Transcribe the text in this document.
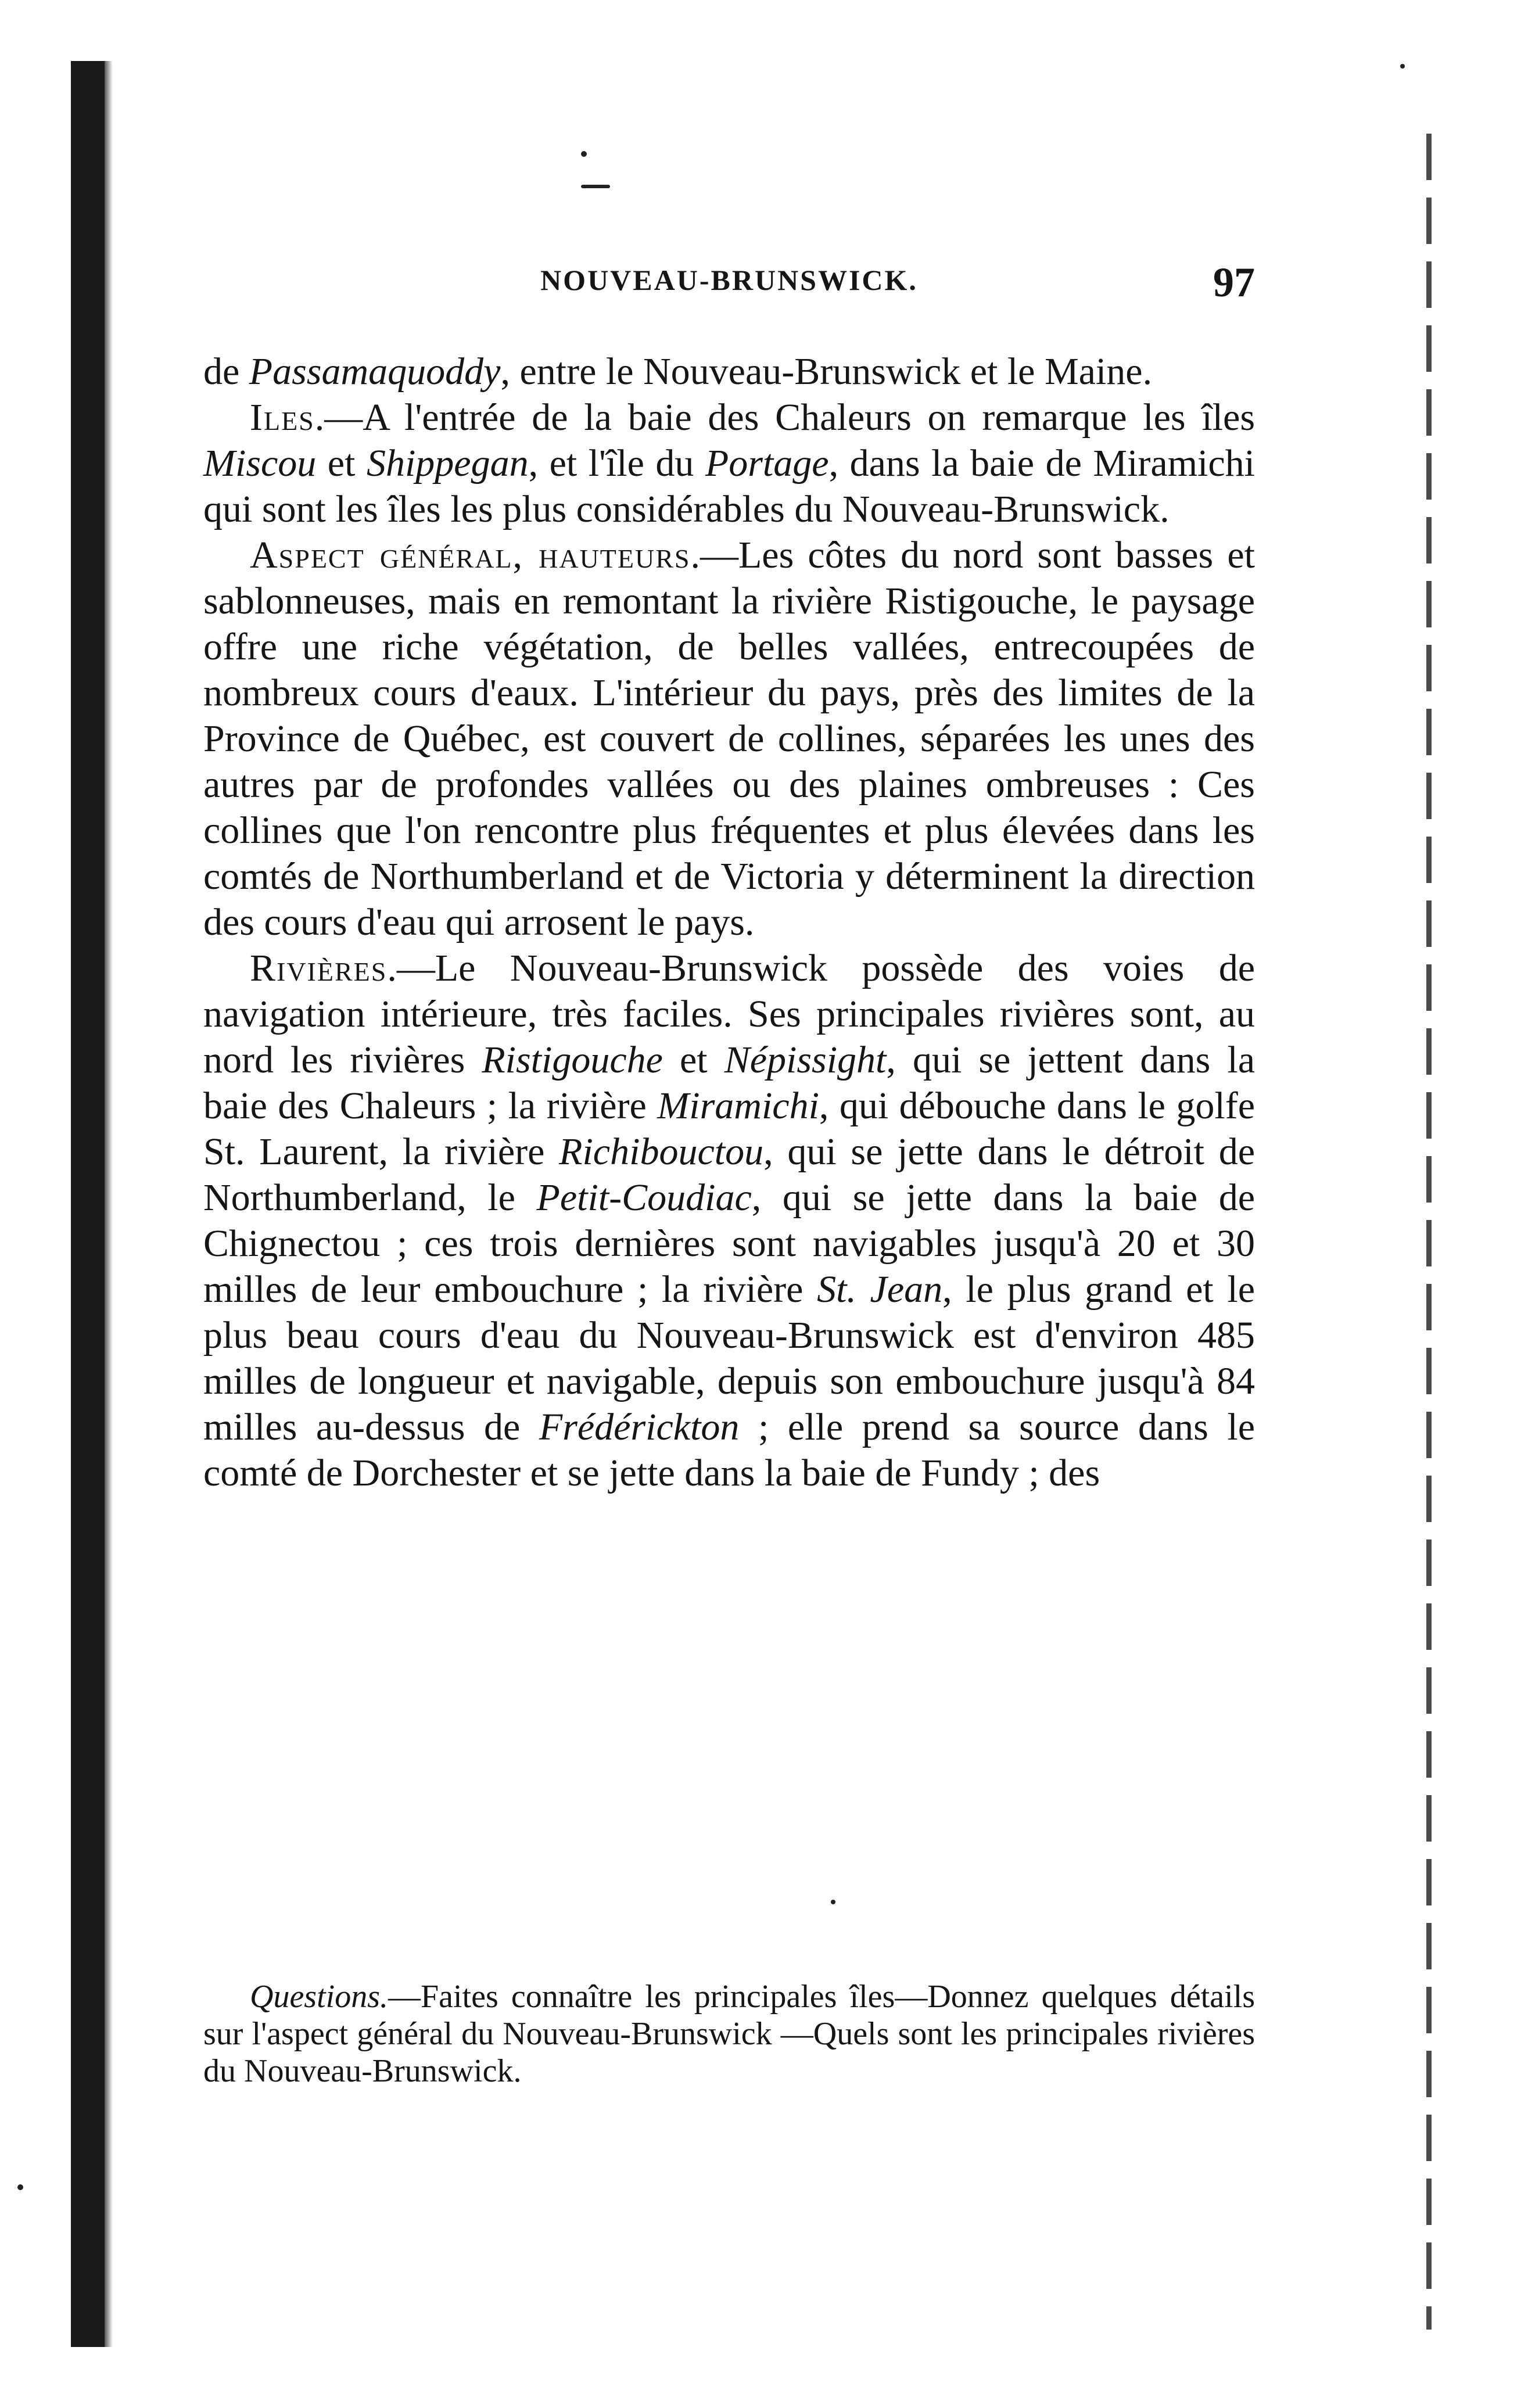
NOUVEAU-BRUNSWICK.	97

de Passamaquoddy, entre le Nouveau-Brunswick et le Maine.

Iles.—A l'entrée de la baie des Chaleurs on remarque les îles Miscou et Shippegan, et l'île du Portage, dans la baie de Miramichi qui sont les îles les plus considérables du Nouveau-Brunswick.

Aspect général, hauteurs.—Les côtes du nord sont basses et sablonneuses, mais en remontant la rivière Ristigouche, le paysage offre une riche végétation, de belles vallées, entrecoupées de nombreux cours d'eaux. L'intérieur du pays, près des limites de la Province de Québec, est couvert de collines, séparées les unes des autres par de profondes vallées ou des plaines ombreuses : Ces collines que l'on rencontre plus fréquentes et plus élevées dans les comtés de Northumberland et de Victoria y déterminent la direction des cours d'eau qui arrosent le pays.

Rivières.—Le Nouveau-Brunswick possède des voies de navigation intérieure, très faciles. Ses principales rivières sont, au nord les rivières Ristigouche et Népissight, qui se jettent dans la baie des Chaleurs ; la rivière Miramichi, qui débouche dans le golfe St. Laurent, la rivière Richibouctou, qui se jette dans le détroit de Northumberland, le Petit-Coudiac, qui se jette dans la baie de Chignectou ; ces trois dernières sont navigables jusqu'à 20 et 30 milles de leur embouchure ; la rivière St. Jean, le plus grand et le plus beau cours d'eau du Nouveau-Brunswick est d'environ 485 milles de longueur et navigable, depuis son embouchure jusqu'à 84 milles au-dessus de Frédérickton ; elle prend sa source dans le comté de Dorchester et se jette dans la baie de Fundy ; des

Questions.—Faites connaître les principales îles—Donnez quelques détails sur l'aspect général du Nouveau-Brunswick —Quels sont les principales rivières du Nouveau-Brunswick.
